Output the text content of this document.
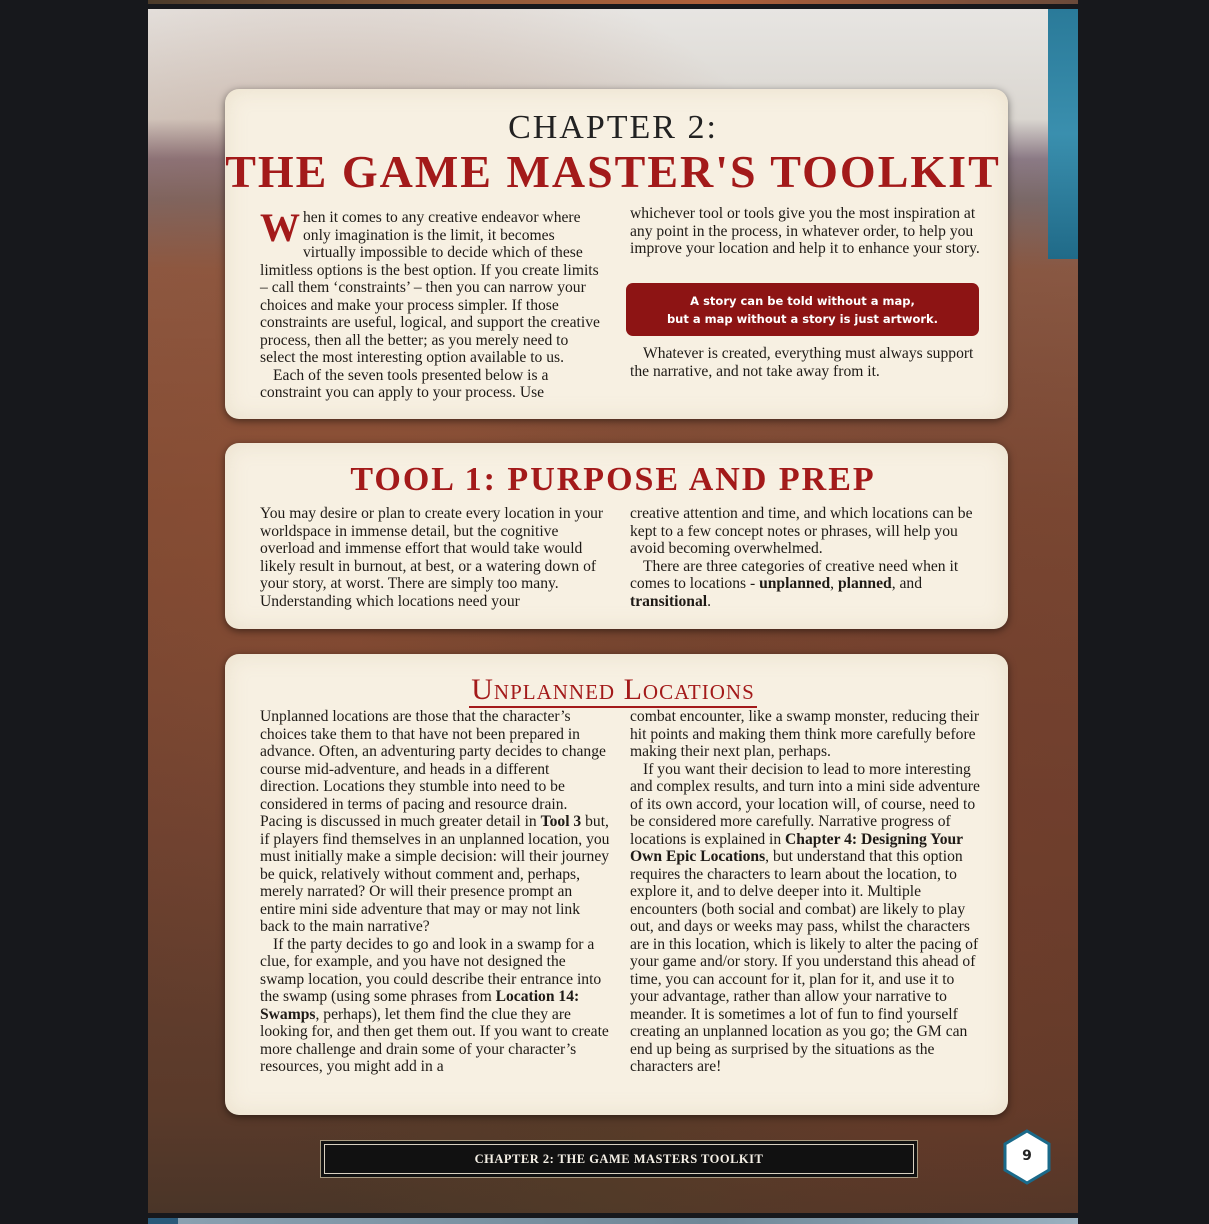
CHAPTER 2:
THE GAME MASTER'S TOOLKIT

When it comes to any creative endeavor where only imagination is the limit, it becomes virtually impossible to decide which of these limitless options is the best option. If you create limits – call them ‘constraints’ – then you can narrow your choices and make your process simpler. If those constraints are useful, logical, and support the creative process, then all the better; as you merely need to select the most interesting option available to us.

Each of the seven tools presented below is a constraint you can apply to your process. Use

whichever tool or tools give you the most inspiration at any point in the process, in whatever order, to help you improve your location and help it to enhance your story.

A story can be told without a map,
but a map without a story is just artwork.

Whatever is created, everything must always support the narrative, and not take away from it.

TOOL 1: PURPOSE AND PREP

You may desire or plan to create every location in your worldspace in immense detail, but the cognitive overload and immense effort that would take would likely result in burnout, at best, or a watering down of your story, at worst. There are simply too many. Understanding which locations need your

creative attention and time, and which locations can be kept to a few concept notes or phrases, will help you avoid becoming overwhelmed.

There are three categories of creative need when it comes to locations - unplanned, planned, and transitional.

Unplanned Locations

Unplanned locations are those that the character’s choices take them to that have not been prepared in advance. Often, an adventuring party decides to change course mid-adventure, and heads in a different direction. Locations they stumble into need to be considered in terms of pacing and resource drain. Pacing is discussed in much greater detail in Tool 3 but, if players find themselves in an unplanned location, you must initially make a simple decision: will their journey be quick, relatively without comment and, perhaps, merely narrated? Or will their presence prompt an entire mini side adventure that may or may not link back to the main narrative?

If the party decides to go and look in a swamp for a clue, for example, and you have not designed the swamp location, you could describe their entrance into the swamp (using some phrases from Location 14: Swamps, perhaps), let them find the clue they are looking for, and then get them out. If you want to create more challenge and drain some of your character’s resources, you might add in a

combat encounter, like a swamp monster, reducing their hit points and making them think more carefully before making their next plan, perhaps.

If you want their decision to lead to more interesting and complex results, and turn into a mini side adventure of its own accord, your location will, of course, need to be considered more carefully. Narrative progress of locations is explained in Chapter 4: Designing Your Own Epic Locations, but understand that this option requires the characters to learn about the location, to explore it, and to delve deeper into it. Multiple encounters (both social and combat) are likely to play out, and days or weeks may pass, whilst the characters are in this location, which is likely to alter the pacing of your game and/or story. If you understand this ahead of time, you can account for it, plan for it, and use it to your advantage, rather than allow your narrative to meander. It is sometimes a lot of fun to find yourself creating an unplanned location as you go; the GM can end up being as surprised by the situations as the characters are!

CHAPTER 2: THE GAME MASTERS TOOLKIT	9
